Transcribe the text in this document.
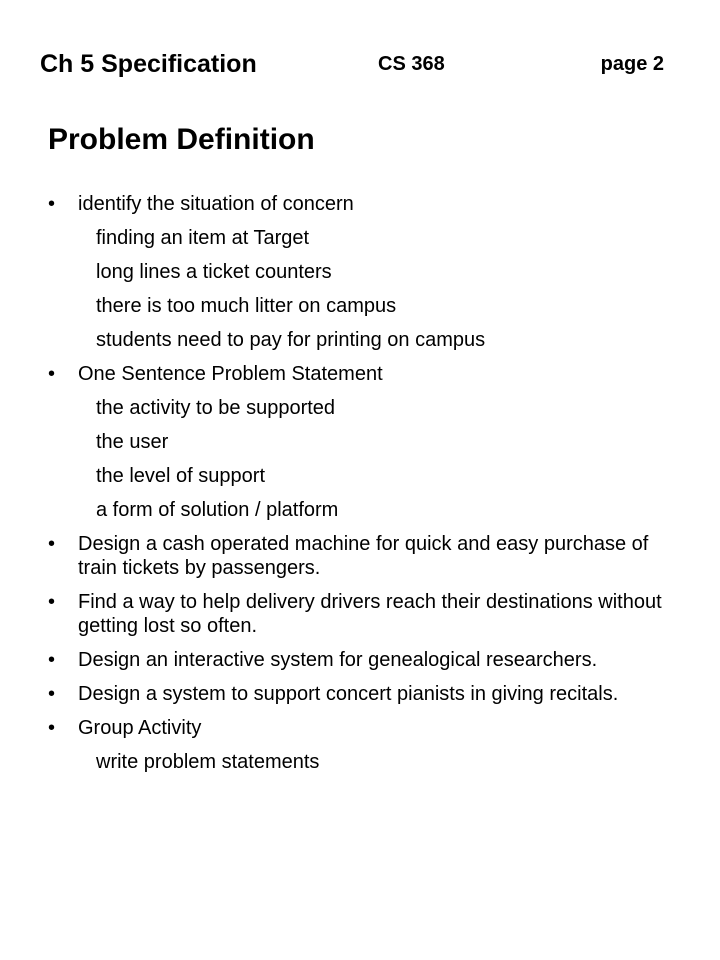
Ch 5 Specification	CS 368	page 2
Problem Definition
• identify the situation of concern
finding an item at Target
long lines a ticket counters
there is too much litter on campus
students need to pay for printing on campus
• One Sentence Problem Statement
the activity to be supported
the user
the level of support
a form of solution / platform
• Design a cash operated machine for quick and easy purchase of train tickets by passengers.
• Find a way to help delivery drivers reach their destinations without getting lost so often.
• Design an interactive system for genealogical researchers.
• Design a system to support concert pianists in giving recitals.
• Group Activity
write problem statements
